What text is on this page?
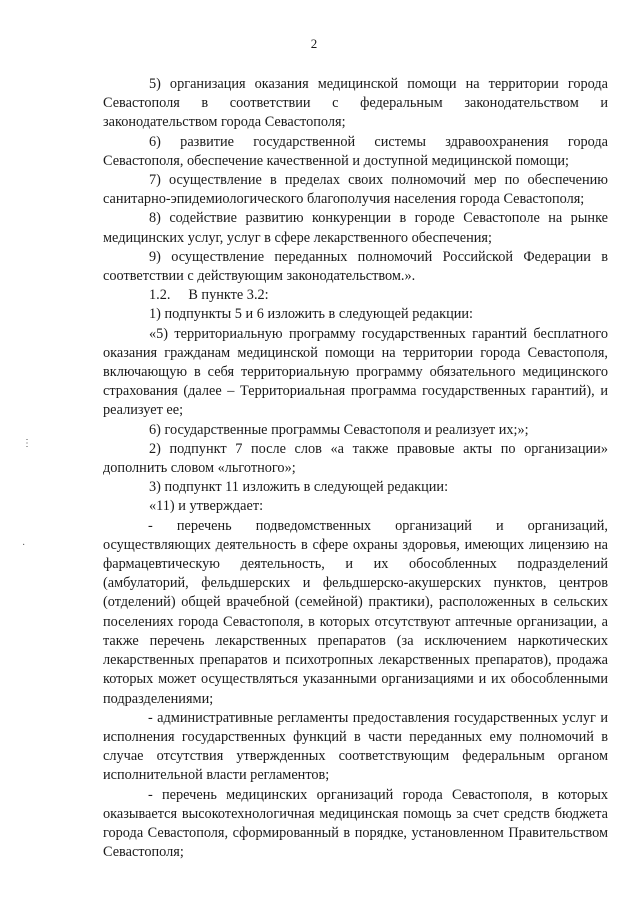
2
⋮
·

5) организация оказания медицинской помощи на территории города Севастополя в соответствии с федеральным законодательством и законодательством города Севастополя;

6) развитие государственной системы здравоохранения города Севастополя, обеспечение качественной и доступной медицинской помощи;

7) осуществление в пределах своих полномочий мер по обеспечению санитарно-эпидемиологического благополучия населения города Севастополя;

8) содействие развитию конкуренции в городе Севастополе на рынке медицинских услуг, услуг в сфере лекарственного обеспечения;

9) осуществление переданных полномочий Российской Федерации в соответствии с действующим законодательством.».

1.2.     В пункте 3.2:

1) подпункты 5 и 6 изложить в следующей редакции:

«5) территориальную программу государственных гарантий бесплатного оказания гражданам медицинской помощи на территории города Севастополя, включающую в себя территориальную программу обязательного медицинского страхования (далее – Территориальная программа государственных гарантий), и реализует ее;

6) государственные программы Севастополя и реализует их;»;

2) подпункт 7 после слов «а также правовые акты по организации» дополнить словом «льготного»;

3) подпункт 11 изложить в следующей редакции:

«11) и утверждает:

- перечень подведомственных организаций и организаций, осуществляющих деятельность в сфере охраны здоровья, имеющих лицензию на фармацевтическую деятельность, и их обособленных подразделений (амбулаторий, фельдшерских и фельдшерско-акушерских пунктов, центров (отделений) общей врачебной (семейной) практики), расположенных в сельских поселениях города Севастополя, в которых отсутствуют аптечные организации, а также перечень лекарственных препаратов (за исключением наркотических лекарственных препаратов и психотропных лекарственных препаратов), продажа которых может осуществляться указанными организациями и их обособленными подразделениями;

- административные регламенты предоставления государственных услуг и исполнения государственных функций в части переданных ему полномочий в случае отсутствия утвержденных соответствующим федеральным органом исполнительной власти регламентов;

- перечень медицинских организаций города Севастополя, в которых оказывается высокотехнологичная медицинская помощь за счет средств бюджета города Севастополя, сформированный в порядке, установленном Правительством Севастополя;
